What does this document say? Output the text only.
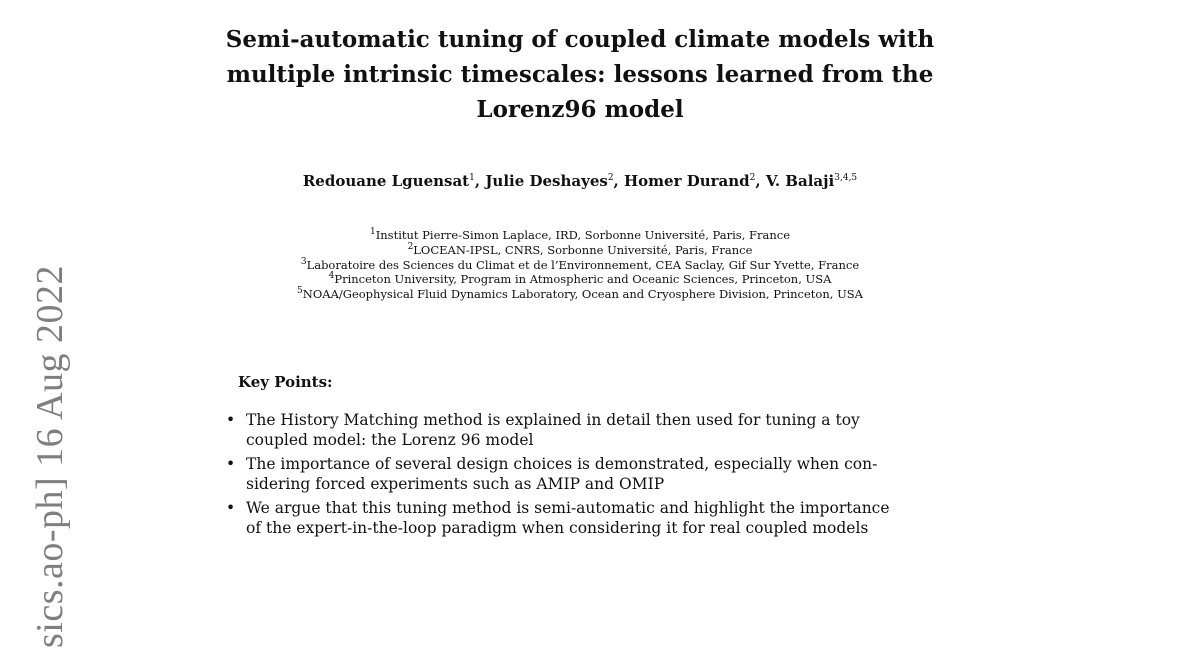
sics.ao-ph] 16 Aug 2022
Semi-automatic tuning of coupled climate models with
multiple intrinsic timescales: lessons learned from the
Lorenz96 model
Redouane Lguensat$^1$, Julie Deshayes$^2$, Homer Durand$^2$, V. Balaji$^{3,4,5}$
$^1$Institut Pierre-Simon Laplace, IRD, Sorbonne Université, Paris, France
$^2$LOCEAN-IPSL, CNRS, Sorbonne Université, Paris, France
$^3$Laboratoire des Sciences du Climat et de l’Environnement, CEA Saclay, Gif Sur Yvette, France
$^4$Princeton University, Program in Atmospheric and Oceanic Sciences, Princeton, USA
$^5$NOAA/Geophysical Fluid Dynamics Laboratory, Ocean and Cryosphere Division, Princeton, USA
Key Points:
• The History Matching method is explained in detail then used for tuning a toy
coupled model: the Lorenz 96 model
• The importance of several design choices is demonstrated, especially when con-
sidering forced experiments such as AMIP and OMIP
• We argue that this tuning method is semi-automatic and highlight the importance
of the expert-in-the-loop paradigm when considering it for real coupled models
